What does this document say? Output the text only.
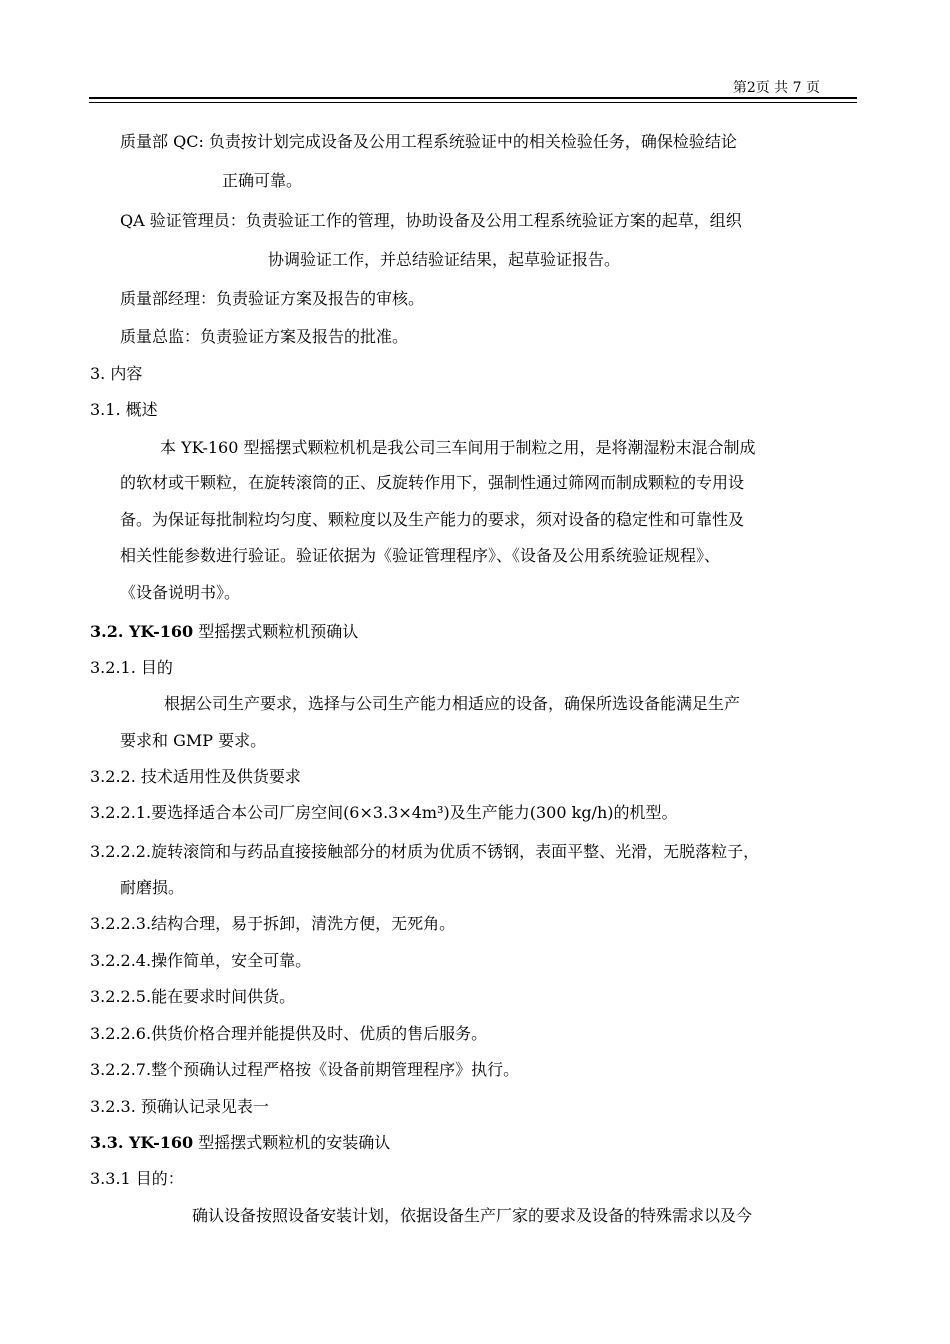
第2页 共 7 页
质量部 QC: 负责按计划完成设备及公用工程系统验证中的相关检验任务，确保检验结论
正确可靠。
QA 验证管理员：负责验证工作的管理，协助设备及公用工程系统验证方案的起草，组织
协调验证工作，并总结验证结果，起草验证报告。
质量部经理：负责验证方案及报告的审核。
质量总监：负责验证方案及报告的批准。
3. 内容
3.1. 概述
本 YK-160 型摇摆式颗粒机机是我公司三车间用于制粒之用，是将潮湿粉末混合制成
的软材或干颗粒，在旋转滚筒的正、反旋转作用下，强制性通过筛网而制成颗粒的专用设
备。为保证每批制粒均匀度、颗粒度以及生产能力的要求，须对设备的稳定性和可靠性及
相关性能参数进行验证。验证依据为《验证管理程序》、《设备及公用系统验证规程》、
《设备说明书》。
3.2. YK-160 型摇摆式颗粒机预确认
3.2.1. 目的
根据公司生产要求，选择与公司生产能力相适应的设备，确保所选设备能满足生产
要求和 GMP 要求。
3.2.2. 技术适用性及供货要求
3.2.2.1.要选择适合本公司厂房空间(6×3.3×4m³)及生产能力(300 kg/h)的机型。
3.2.2.2.旋转滚筒和与药品直接接触部分的材质为优质不锈钢，表面平整、光滑，无脱落粒子，
耐磨损。
3.2.2.3.结构合理，易于拆卸，清洗方便，无死角。
3.2.2.4.操作简单，安全可靠。
3.2.2.5.能在要求时间供货。
3.2.2.6.供货价格合理并能提供及时、优质的售后服务。
3.2.2.7.整个预确认过程严格按《设备前期管理程序》执行。
3.2.3. 预确认记录见表一
3.3. YK-160 型摇摆式颗粒机的安装确认
3.3.1 目的：
确认设备按照设备安装计划，依据设备生产厂家的要求及设备的特殊需求以及今
